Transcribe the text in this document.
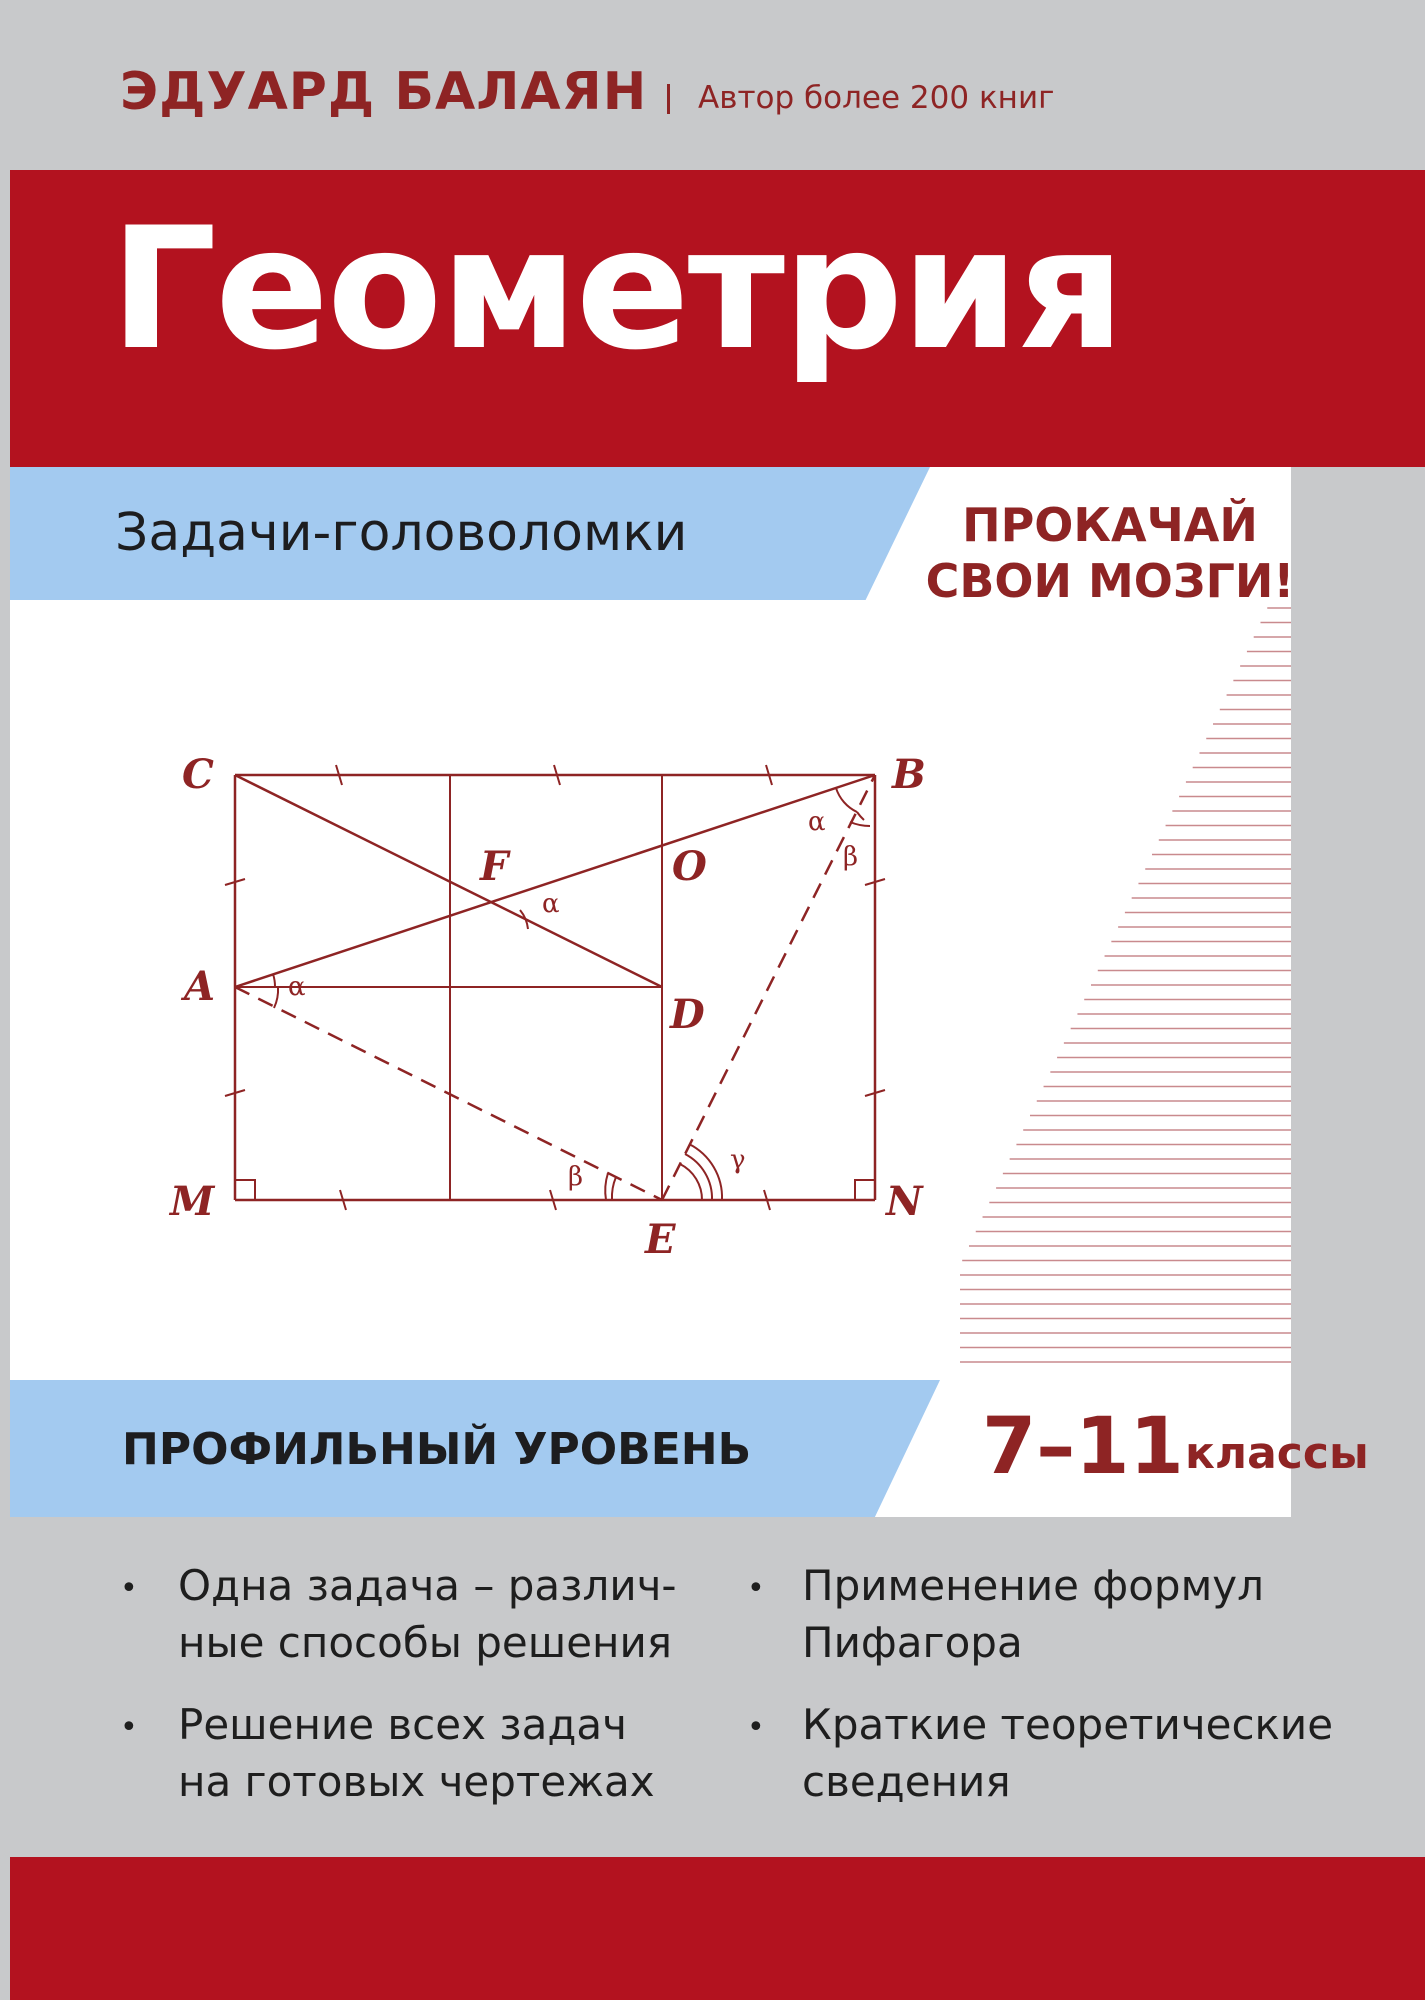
ЭДУАРД БАЛАЯН Автор более 200 книг
Геометрия
Задачи-головоломки	ПРОКАЧАЙ
СВОИ МОЗГИ!
C	B
F	O
A
D
M
E
N
α
α
α
β
β
γ
ПРОФИЛЬНЫЙ УРОВЕНЬ	7–11 классы
• Одна задача – различ-
ные способы решения
• Применение формул
Пифагора
• Решение всех задач
на готовых чертежах
• Краткие теоретические
сведения
